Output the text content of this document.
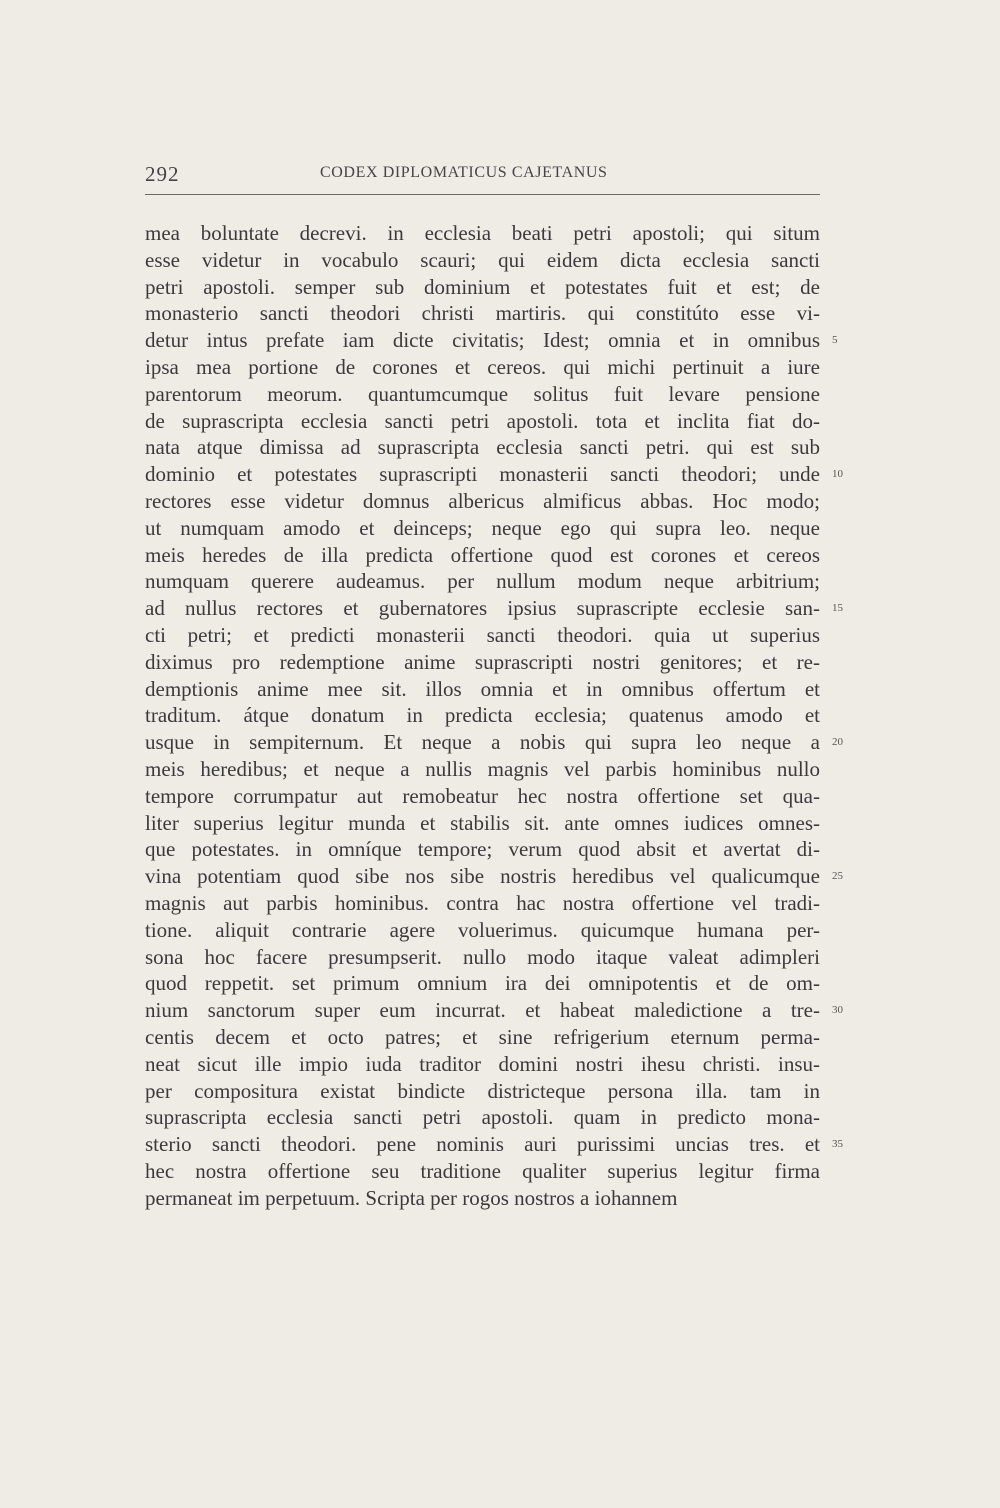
292	CODEX DIPLOMATICUS CAJETANUS
mea boluntate decrevi. in ecclesia beati petri apostoli; qui situm
esse videtur in vocabulo scauri; qui eidem dicta ecclesia sancti
petri apostoli. semper sub dominium et potestates fuit et est; de
monasterio sancti theodori christi martiris. qui constitúto esse vi-
detur intus prefate iam dicte civitatis; Idest; omnia et in omnibus
ipsa mea portione de corones et cereos. qui michi pertinuit a iure
parentorum meorum. quantumcumque solitus fuit levare pensione
de suprascripta ecclesia sancti petri apostoli. tota et inclita fiat do-
nata atque dimissa ad suprascripta ecclesia sancti petri. qui est sub
dominio et potestates suprascripti monasterii sancti theodori; unde
rectores esse videtur domnus albericus almificus abbas. Hoc modo;
ut numquam amodo et deinceps; neque ego qui supra leo. neque
meis heredes de illa predicta offertione quod est corones et cereos
numquam querere audeamus. per nullum modum neque arbitrium;
ad nullus rectores et gubernatores ipsius suprascripte ecclesie san-
cti petri; et predicti monasterii sancti theodori. quia ut superius
diximus pro redemptione anime suprascripti nostri genitores; et re-
demptionis anime mee sit. illos omnia et in omnibus offertum et
traditum. átque donatum in predicta ecclesia; quatenus amodo et
usque in sempiternum. Et neque a nobis qui supra leo neque a
meis heredibus; et neque a nullis magnis vel parbis hominibus nullo
tempore corrumpatur aut remobeatur hec nostra offertione set qua-
liter superius legitur munda et stabilis sit. ante omnes iudices omnes-
que potestates. in omníque tempore; verum quod absit et avertat di-
vina potentiam quod sibe nos sibe nostris heredibus vel qualicumque
magnis aut parbis hominibus. contra hac nostra offertione vel tradi-
tione. aliquit contrarie agere voluerimus. quicumque humana per-
sona hoc facere presumpserit. nullo modo itaque valeat adimpleri
quod reppetit. set primum omnium ira dei omnipotentis et de om-
nium sanctorum super eum incurrat. et habeat maledictione a tre-
centis decem et octo patres; et sine refrigerium eternum perma-
neat sicut ille impio iuda traditor domini nostri ihesu christi. insu-
per compositura existat bindicte districteque persona illa. tam in
suprascripta ecclesia sancti petri apostoli. quam in predicto mona-
sterio sancti theodori. pene nominis auri purissimi uncias tres. et
hec nostra offertione seu traditione qualiter superius legitur firma
permaneat im perpetuum. Scripta per rogos nostros a iohannem
5
10
15
20
25
30
35
